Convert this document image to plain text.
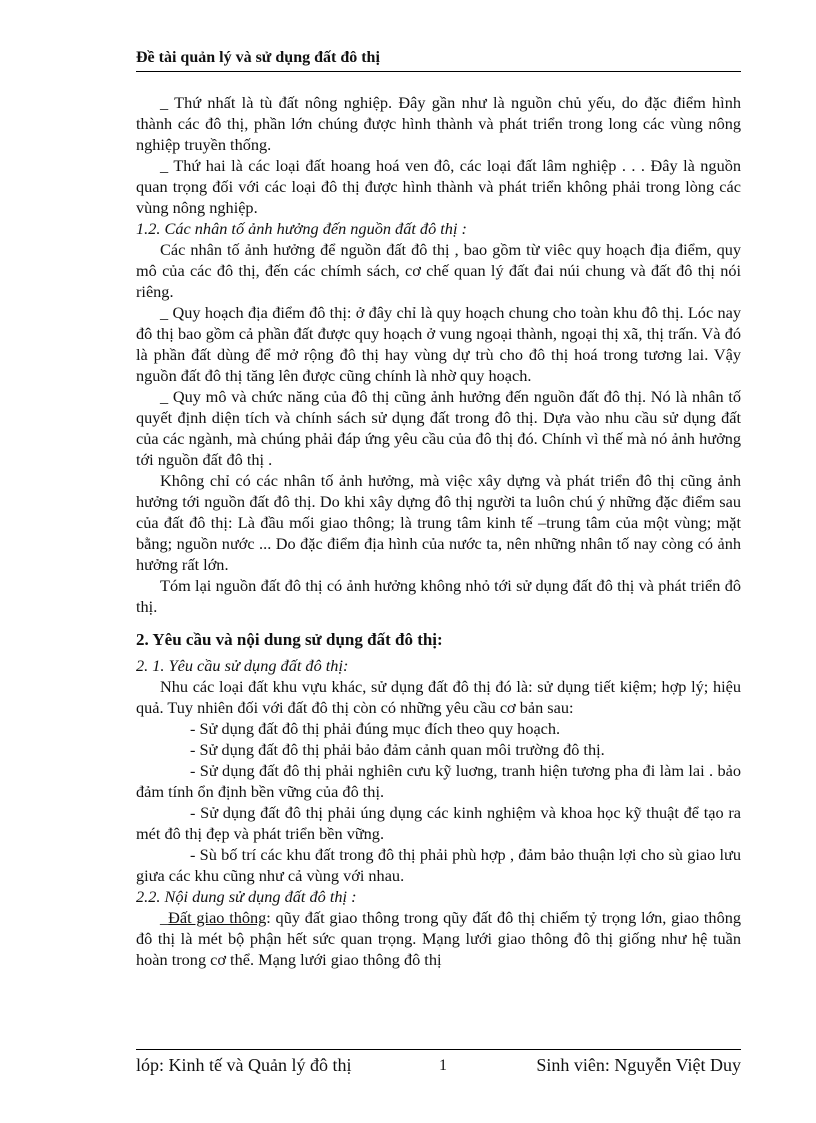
Đề tài quản lý và sử dụng đất đô thị

_ Thứ nhất là tù đất nông nghiệp. Đây gần như là nguồn chủ yếu, do đặc điểm hình thành các đô thị, phần lớn chúng được hình thành và phát triển trong long các vùng nông nghiệp truyền thống.

_ Thứ hai là các loại đất hoang hoá ven đô, các loại đất lâm nghiệp . . . Đây là nguồn quan trọng đối với các loại đô thị được hình thành và phát triển không phải trong lòng các vùng nông nghiệp.

1.2. Các nhân tố ảnh hưởng đến nguồn đất đô thị :

Các nhân tố ảnh hưởng để nguồn đất đô thị , bao gồm từ viêc quy hoạch địa điểm, quy mô của các đô thị, đến các chímh sách, cơ chế quan lý đất đai núi chung và đất đô thị nói riêng.

_ Quy hoạch địa điểm đô thị: ở đây chỉ là quy hoạch chung cho toàn khu đô thị. Lóc nay đô thị bao gồm cả phần đất được quy hoạch ở vung ngoại thành, ngoại thị xã, thị trấn. Và đó là phần đất dùng để mở rộng đô thị hay vùng dự trù cho đô thị hoá trong tương lai. Vậy nguồn đất đô thị tăng lên được cũng chính là nhờ quy hoạch.

_ Quy mô và chức năng của đô thị cũng ảnh hưởng đến nguồn đất đô thị. Nó là nhân tố quyết định diện tích và chính sách sử dụng đất trong đô thị. Dựa vào nhu cầu sử dụng đất của các ngành, mà chúng phải đáp ứng yêu cầu của đô thị đó. Chính vì thế mà nó ảnh hưởng tới nguồn đất đô thị .

Không chỉ có các nhân tố ảnh hưởng, mà việc xây dựng và phát triển đô thị cũng ảnh hưởng tới nguồn đất đô thị. Do khi xây dựng đô thị người ta luôn chú ý những đặc điểm sau của đất đô thị: Là đầu mối giao thông; là trung tâm kinh tế –trung tâm của một vùng; mặt bằng; nguồn nước ... Do đặc điểm địa hình của nước ta, nên những nhân tố nay còng có ảnh hưởng rất lớn.

Tóm lại nguồn đất đô thị có ảnh hưởng không nhỏ tới sử dụng đất đô thị và phát triển đô thị.

2. Yêu cầu và nội dung sử dụng đất đô thị:

2. 1. Yêu cầu sử dụng đất đô thị:

Nhu các loại đất khu vựu khác, sử dụng đất đô thị đó là: sử dụng tiết kiệm; hợp lý; hiệu quả. Tuy nhiên đối với đất đô thị còn có những yêu cầu cơ bản sau:

- Sử dụng đất đô thị phải đúng mục đích theo quy hoạch.

- Sử dụng đất đô thị phải bảo đảm cảnh quan môi trường đô thị.

- Sử dụng đất đô thị phải nghiên cưu kỹ luơng, tranh hiện tương pha đi làm lai . bảo đảm tính ổn định bền vững của đô thị.

- Sử dụng đất đô thị phải úng dụng các kinh nghiệm và khoa học kỹ thuật để tạo ra mét đô thị đẹp và phát triển bền vững.

- Sù bố trí các khu đất trong đô thị phải phù hợp , đảm bảo thuận lợi cho sù giao lưu giưa các khu cũng như cả vùng với nhau.

2.2. Nội dung sử dụng đất đô thị :

_Đất giao thông: qũy đất giao thông trong qũy đất đô thị chiếm tỷ trọng lớn, giao thông đô thị là mét bộ phận hết sức quan trọng. Mạng lưới giao thông đô thị giống như hệ tuần hoàn trong cơ thể. Mạng lưới giao thông đô thị

lóp: Kinh tế và Quản lý đô thị	1	Sinh viên: Nguyễn Việt Duy
